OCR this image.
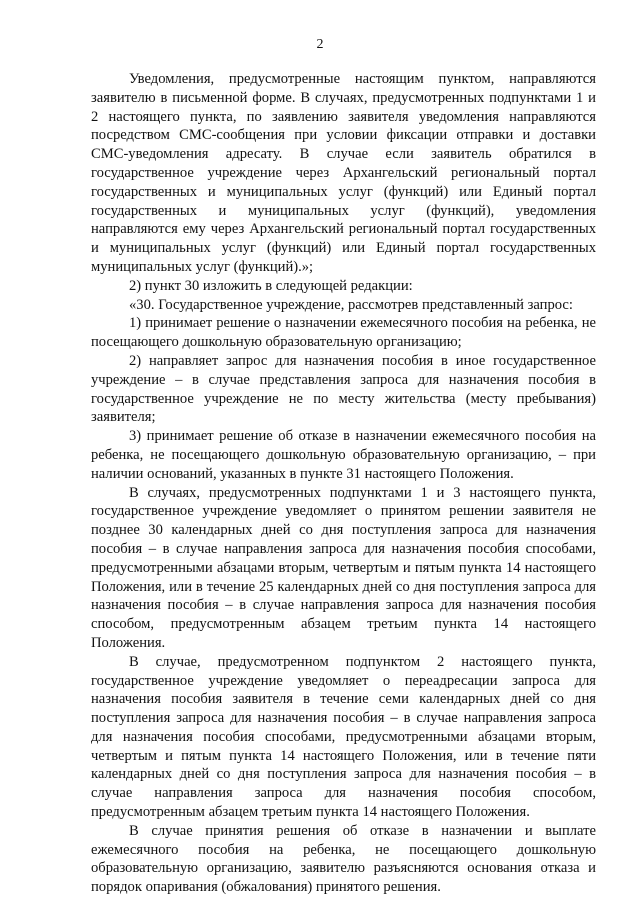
2

Уведомления, предусмотренные настоящим пунктом, направляются заявителю в письменной форме. В случаях, предусмотренных подпунктами 1 и 2 настоящего пункта, по заявлению заявителя уведомления направляются посредством СМС-сообщения при условии фиксации отправки и доставки СМС-уведомления адресату. В случае если заявитель обратился в государственное учреждение через Архангельский региональный портал государственных и муниципальных услуг (функций) или Единый портал государственных и муниципальных услуг (функций), уведомления направляются ему через Архангельский региональный портал государственных и муниципальных услуг (функций) или Единый портал государственных муниципальных услуг (функций).»;

2) пункт 30 изложить в следующей редакции:

«30. Государственное учреждение, рассмотрев представленный запрос:

1) принимает решение о назначении ежемесячного пособия на ребенка, не посещающего дошкольную образовательную организацию;

2) направляет запрос для назначения пособия в иное государственное учреждение – в случае представления запроса для назначения пособия в государственное учреждение не по месту жительства (месту пребывания) заявителя;

3) принимает решение об отказе в назначении ежемесячного пособия на ребенка, не посещающего дошкольную образовательную организацию, – при наличии оснований, указанных в пункте 31 настоящего Положения.

В случаях, предусмотренных подпунктами 1 и 3 настоящего пункта, государственное учреждение уведомляет о принятом решении заявителя не позднее 30 календарных дней со дня поступления запроса для назначения пособия – в случае направления запроса для назначения пособия способами, предусмотренными абзацами вторым, четвертым и пятым пункта 14 настоящего Положения, или в течение 25 календарных дней со дня поступления запроса для назначения пособия – в случае направления запроса для назначения пособия способом, предусмотренным абзацем третьим пункта 14 настоящего Положения.

В случае, предусмотренном подпунктом 2 настоящего пункта, государственное учреждение уведомляет о переадресации запроса для назначения пособия заявителя в течение семи календарных дней со дня поступления запроса для назначения пособия – в случае направления запроса для назначения пособия способами, предусмотренными абзацами вторым, четвертым и пятым пункта 14 настоящего Положения, или в течение пяти календарных дней со дня поступления запроса для назначения пособия – в случае направления запроса для назначения пособия способом, предусмотренным абзацем третьим пункта 14 настоящего Положения.

В случае принятия решения об отказе в назначении и выплате ежемесячного пособия на ребенка, не посещающего дошкольную образовательную организацию, заявителю разъясняются основания отказа и порядок опаривания (обжалования) принятого решения.
